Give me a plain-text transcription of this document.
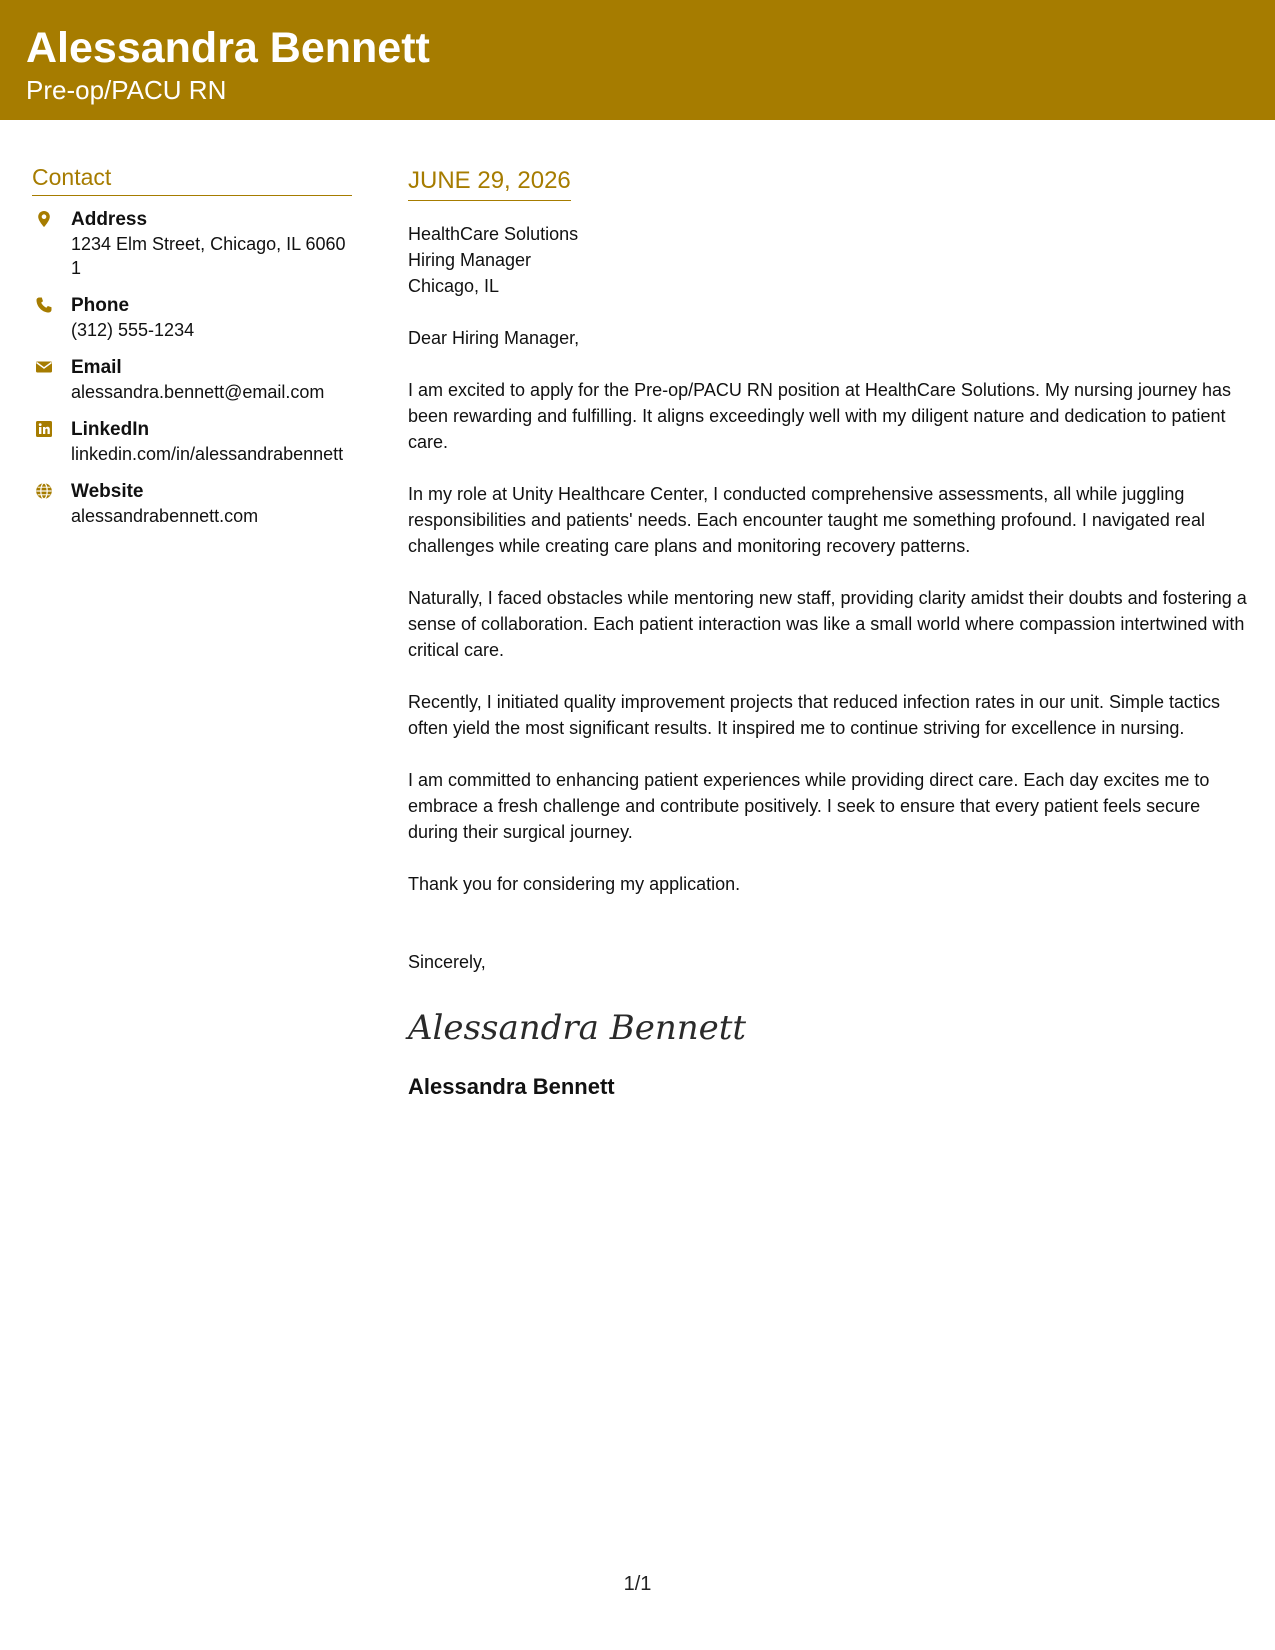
Alessandra Bennett
Pre-op/PACU RN
Contact
Address
1234 Elm Street, Chicago, IL 60601
Phone
(312) 555-1234
Email
alessandra.bennett@email.com
LinkedIn
linkedin.com/in/alessandrabennett
Website
alessandrabennett.com
JUNE 29, 2026
HealthCare Solutions
Hiring Manager
Chicago, IL
Dear Hiring Manager,

I am excited to apply for the Pre-op/PACU RN position at HealthCare Solutions. My nursing journey has been rewarding and fulfilling. It aligns exceedingly well with my diligent nature and dedication to patient care.

In my role at Unity Healthcare Center, I conducted comprehensive assessments, all while juggling responsibilities and patients' needs. Each encounter taught me something profound. I navigated real challenges while creating care plans and monitoring recovery patterns.

Naturally, I faced obstacles while mentoring new staff, providing clarity amidst their doubts and fostering a sense of collaboration. Each patient interaction was like a small world where compassion intertwined with critical care.

Recently, I initiated quality improvement projects that reduced infection rates in our unit. Simple tactics often yield the most significant results. It inspired me to continue striving for excellence in nursing.

I am committed to enhancing patient experiences while providing direct care. Each day excites me to embrace a fresh challenge and contribute positively. I seek to ensure that every patient feels secure during their surgical journey.

Thank you for considering my application.

Sincerely,
Alessandra Bennett
Alessandra Bennett
1/1
